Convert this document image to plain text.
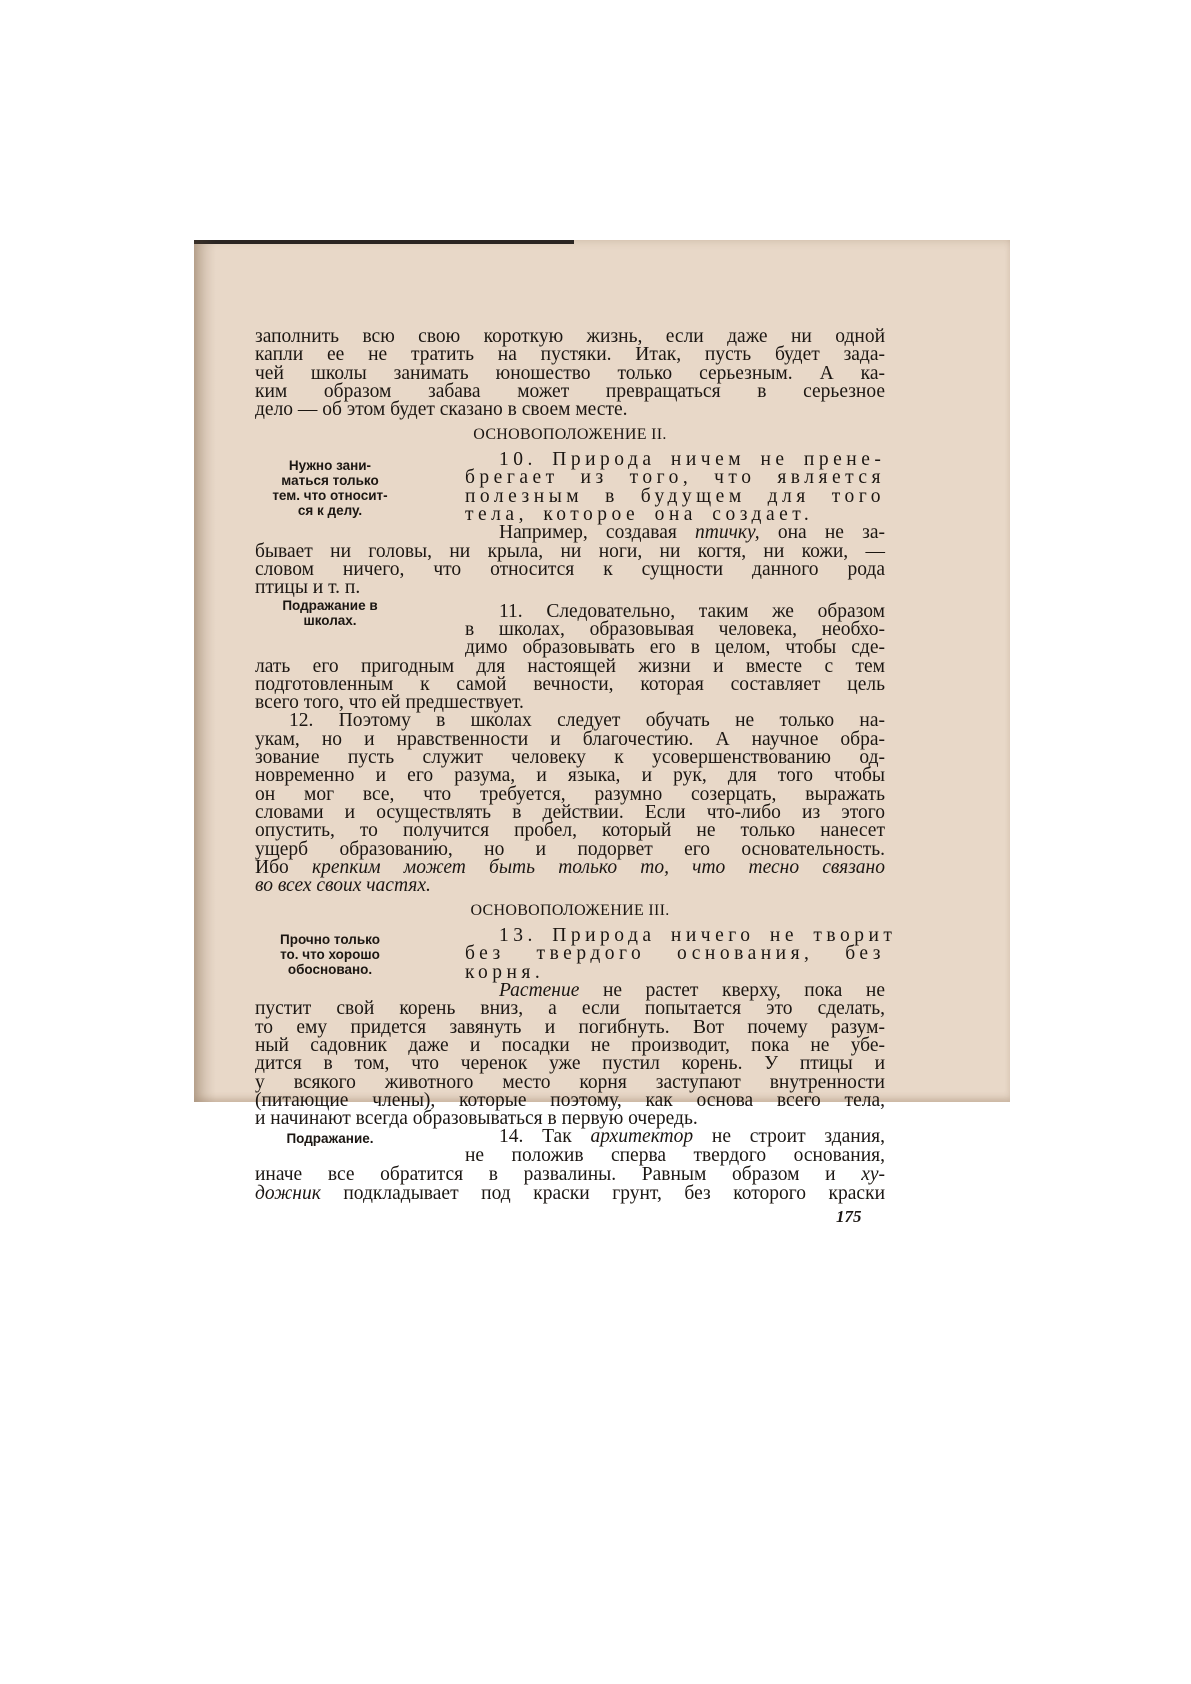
заполнить всю свою короткую жизнь, если даже ни одной
капли ее не тратить на пустяки. Итак, пусть будет зада-
чей школы занимать юношество только серьезным. А ка-
ким образом забава может превращаться в серьезное
дело — об этом будет сказано в своем месте.
ОСНОВОПОЛОЖЕНИЕ II.
Нужно зани-
маться только
тем. что относит-
ся к делу.
10. Природа ничем не прене-
брегает из того, что является
полезным в будущем для того
тела, которое она создает.
Например, создавая птичку, она не за-
бывает ни головы, ни крыла, ни ноги, ни когтя, ни кожи, —
словом ничего, что относится к сущности данного рода
птицы и т. п.
Подражание в
школах.	11. Следовательно, таким же образом
в школах, образовывая человека, необхо-
димо образовывать его в целом, чтобы сде-
лать его пригодным для настоящей жизни и вместе с тем
подготовленным к самой вечности, которая составляет цель
всего того, что ей предшествует.
12. Поэтому в школах следует обучать не только на-
укам, но и нравственности и благочестию. А научное обра-
зование пусть служит человеку к усовершенствованию од-
новременно и его разума, и языка, и рук, для того чтобы
он мог все, что требуется, разумно созерцать, выражать
словами и осуществлять в действии. Если что-либо из этого
опустить, то получится пробел, который не только нанесет
ущерб образованию, но и подорвет его основательность.
Ибо крепким может быть только то, что тесно связано
во всех своих частях.
ОСНОВОПОЛОЖЕНИЕ III.
Прочно только
то. что хорошо
обосновано.
13. Природа ничего не творит
без твердого основания, без
корня.
Растение не растет кверху, пока не
пустит свой корень вниз, а если попытается это сделать,
то ему придется завянуть и погибнуть. Вот почему разум-
ный садовник даже и посадки не производит, пока не убе-
дится в том, что черенок уже пустил корень. У птицы и
у всякого животного место корня заступают внутренности
(питающие члены), которые поэтому, как основа всего тела,
и начинают всегда образовываться в первую очередь.
14. Так архитектор не строит здания,
не положив сперва твердого основания,
иначе все обратится в развалины. Равным образом и ху-
дожник подкладывает под краски грунт, без которого краски
Подражание.
175
